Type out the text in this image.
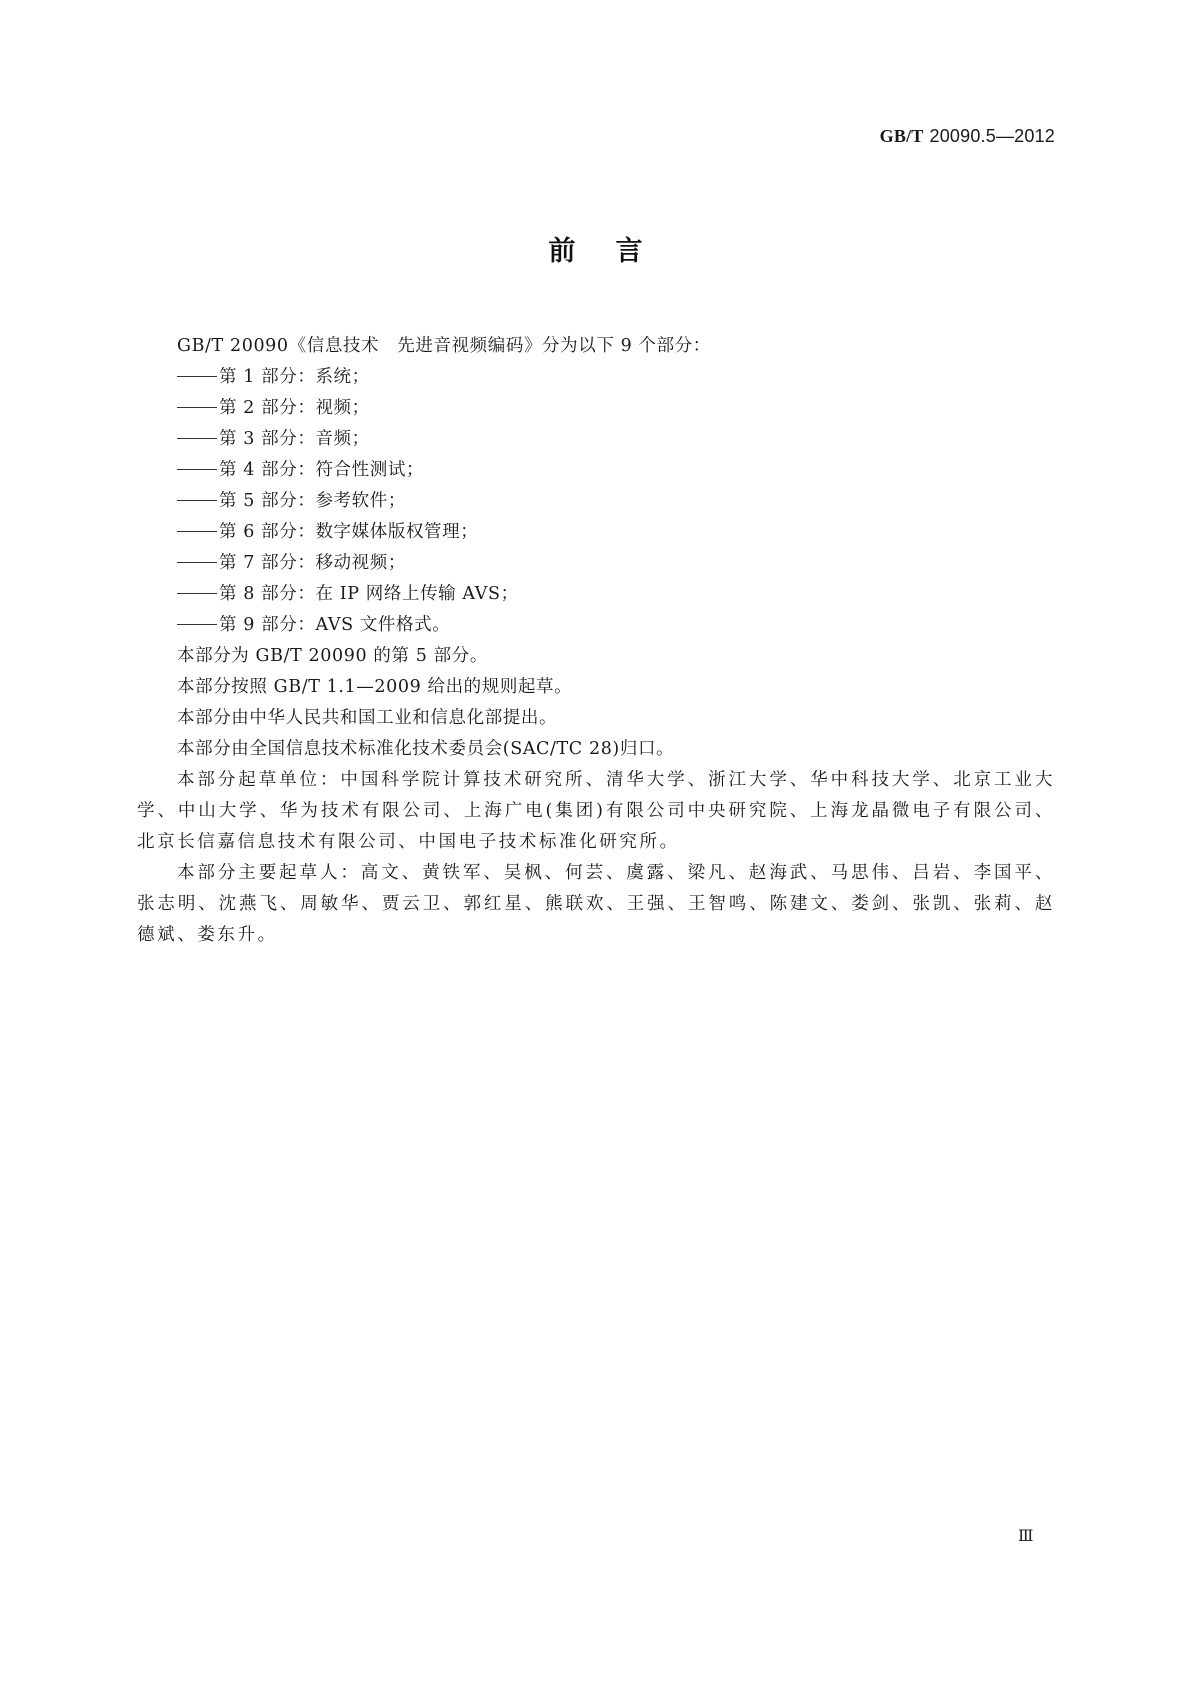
GB/T 20090.5—2012
前言

GB/T 20090《信息技术　先进音视频编码》分为以下 9 个部分：

第 1 部分：系统；

第 2 部分：视频；

第 3 部分：音频；

第 4 部分：符合性测试；

第 5 部分：参考软件；

第 6 部分：数字媒体版权管理；

第 7 部分：移动视频；

第 8 部分：在 IP 网络上传输 AVS；

第 9 部分：AVS 文件格式。

本部分为 GB/T 20090 的第 5 部分。

本部分按照 GB/T 1.1—2009 给出的规则起草。

本部分由中华人民共和国工业和信息化部提出。

本部分由全国信息技术标准化技术委员会(SAC/TC 28)归口。

本部分起草单位：中国科学院计算技术研究所、清华大学、浙江大学、华中科技大学、北京工业大学、中山大学、华为技术有限公司、上海广电(集团)有限公司中央研究院、上海龙晶微电子有限公司、北京长信嘉信息技术有限公司、中国电子技术标准化研究所。

本部分主要起草人：高文、黄铁军、吴枫、何芸、虞露、梁凡、赵海武、马思伟、吕岩、李国平、张志明、沈燕飞、周敏华、贾云卫、郭红星、熊联欢、王强、王智鸣、陈建文、娄剑、张凯、张莉、赵德斌、娄东升。

Ⅲ
